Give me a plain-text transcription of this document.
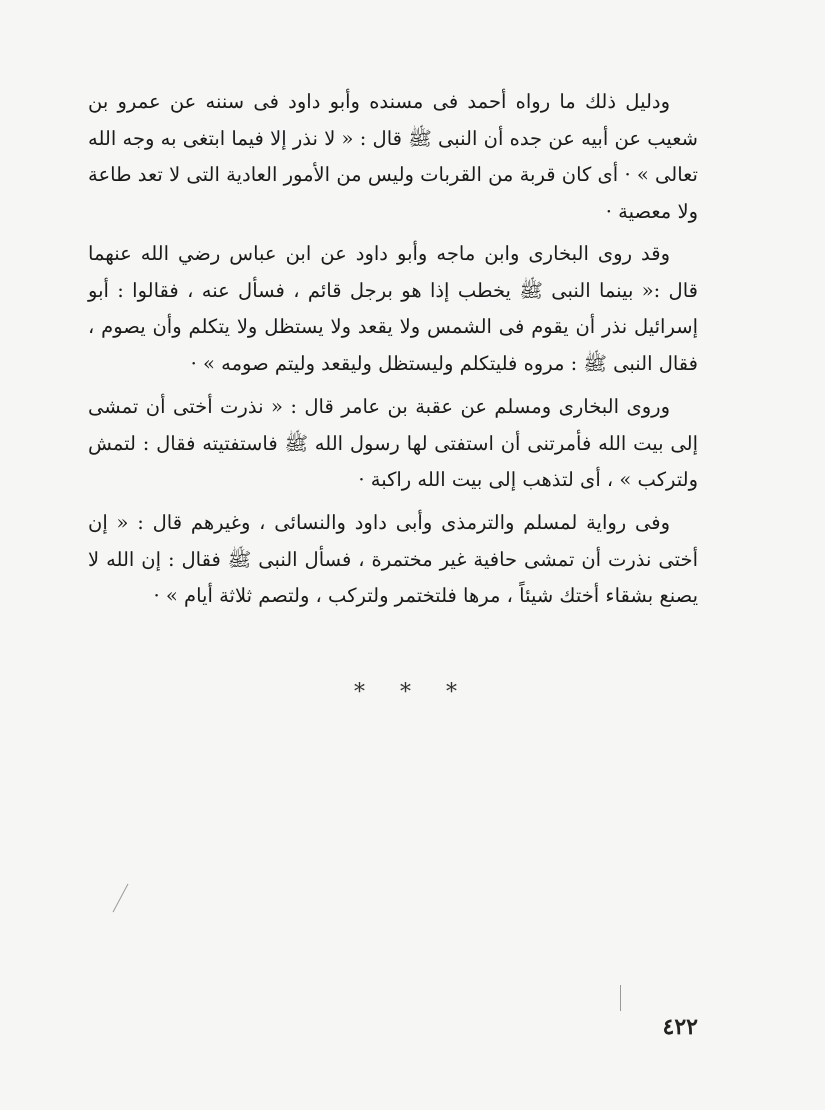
ودليل ذلك ما رواه أحمد فى مسنده وأبو داود فى سننه عن عمرو بن شعيب عن أبيه عن جده أن النبى ﷺ قال : « لا نذر إلا فيما ابتغى به وجه الله تعالى » · أى كان قربة من القربات وليس من الأمور العادية التى لا تعد طاعة ولا معصية ·

وقد روى البخارى وابن ماجه وأبو داود عن ابن عباس رضي الله عنهما قال :« بينما النبى ﷺ يخطب إذا هو برجل قائم ، فسأل عنه ، فقالوا : أبو إسرائيل نذر أن يقوم فى الشمس ولا يقعد ولا يستظل ولا يتكلم وأن يصوم ، فقال النبى ﷺ : مروه فليتكلم وليستظل وليقعد وليتم صومه » ·

وروى البخارى ومسلم عن عقبة بن عامر قال : « نذرت أختى أن تمشى إلى بيت الله فأمرتنى أن استفتى لها رسول الله ﷺ فاستفتيته فقال : لتمش ولتركب » ، أى لتذهب إلى بيت الله راكبة ·

وفى رواية لمسلم والترمذى وأبى داود والنسائى ، وغيرهم قال : « إن أختى نذرت أن تمشى حافية غير مختمرة ، فسأل النبى ﷺ فقال : إن الله لا يصنع بشقاء أختك شيئاً ، مرها فلتختمر ولتركب ، ولتصم ثلاثة أيام » ·

* * *
٤٢٢
